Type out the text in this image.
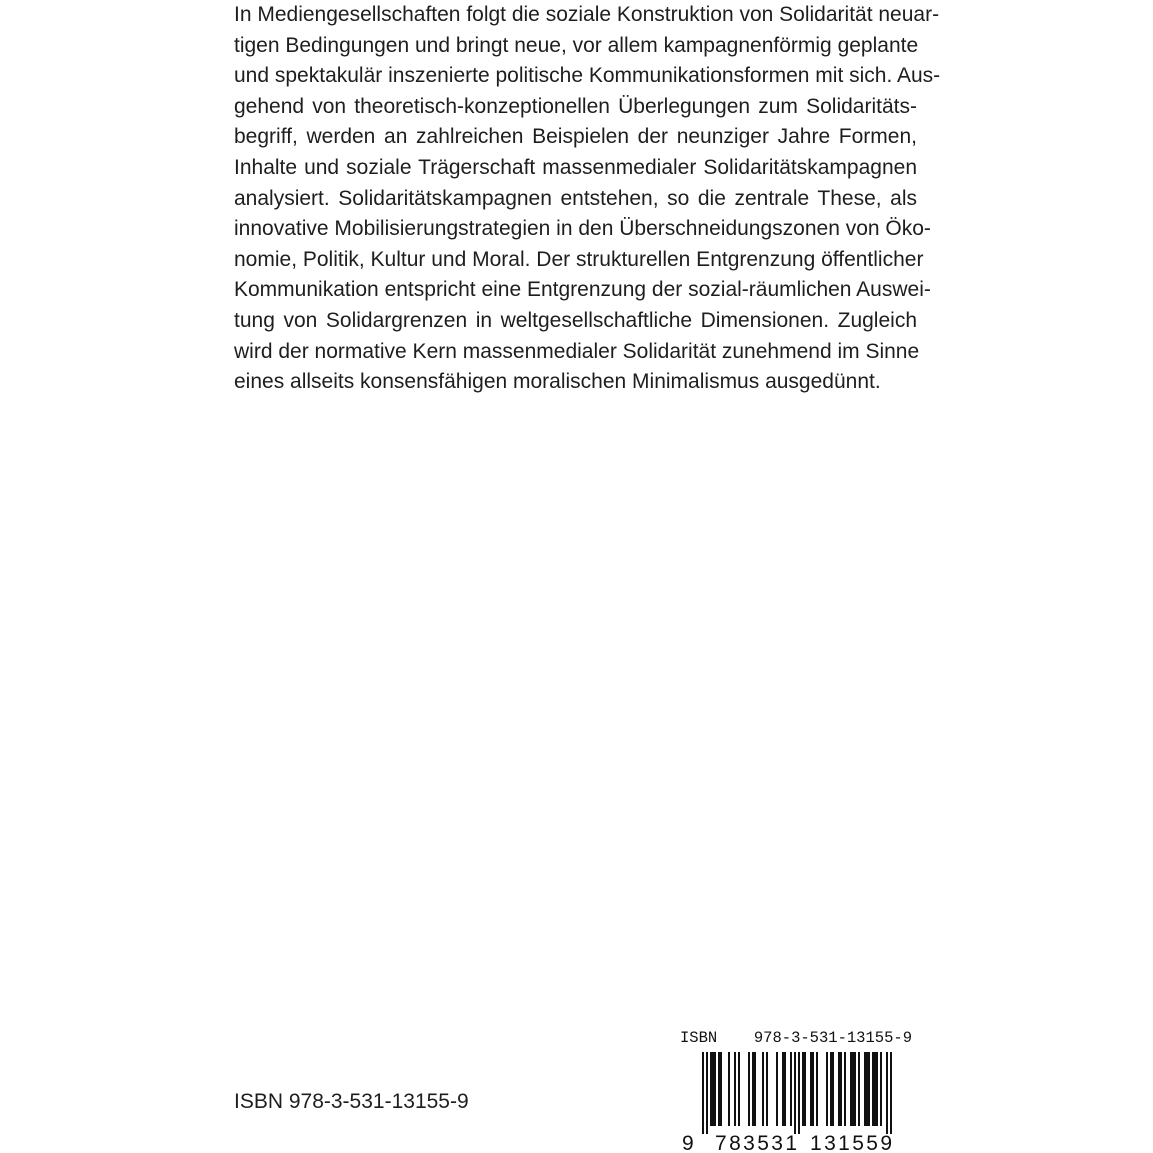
In Mediengesellschaften folgt die soziale Konstruktion von Solidarität neuar-
tigen Bedingungen und bringt neue, vor allem kampagnenförmig geplante
und spektakulär inszenierte politische Kommunikationsformen mit sich. Aus-
gehend von theoretisch-konzeptionellen Überlegungen zum Solidaritäts-
begriff, werden an zahlreichen Beispielen der neunziger Jahre Formen,
Inhalte und soziale Trägerschaft massenmedialer Solidaritätskampagnen
analysiert. Solidaritätskampagnen entstehen, so die zentrale These, als
innovative Mobilisierungstrategien in den Überschneidungszonen von Öko-
nomie, Politik, Kultur und Moral. Der strukturellen Entgrenzung öffentlicher
Kommunikation entspricht eine Entgrenzung der sozial-räumlichen Auswei-
tung von Solidargrenzen in weltgesellschaftliche Dimensionen. Zugleich
wird der normative Kern massenmedialer Solidarität zunehmend im Sinne
eines allseits konsensfähigen moralischen Minimalismus ausgedünnt.
ISBN 978-3-531-13155-9
ISBN 978-3-531-13155-9
9 783531 131559
